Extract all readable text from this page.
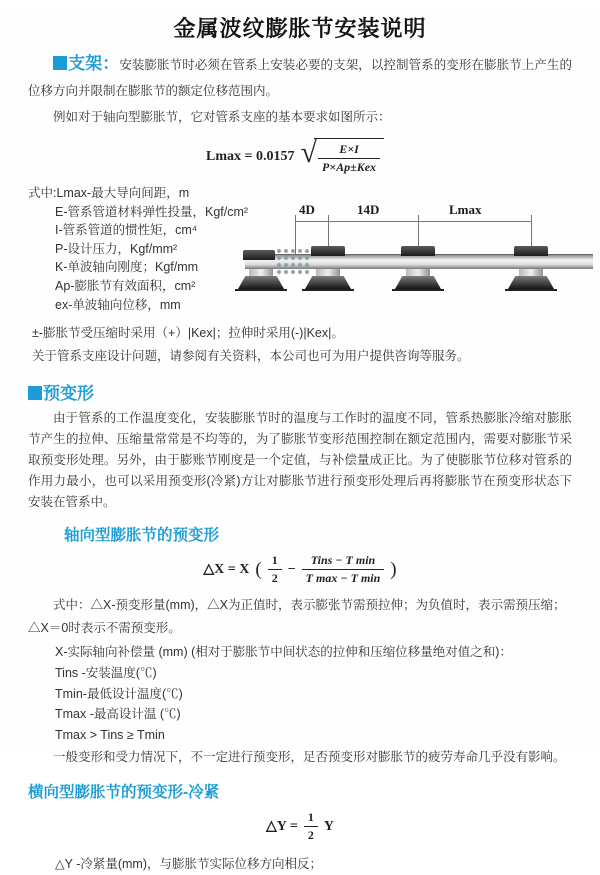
金属波纹膨胀节安装说明

支架：安装膨胀节时必须在管系上安装必要的支架，以控制管系的变形在膨胀节上产生的位移方向并限制在膨胀节的额定位移范围内。

例如对于轴向型膨胀节，它对管系支座的基本要求如图所示：

Lmax = 0.0157 √ $\frac{E\times I}{\text{P×Ap±Kex}}$
式中:Lmax-最大导向间距，m
E-管系管道材料弹性投量，Kgf/cm²
I-管系管道的惯性矩，cm⁴
P-设计压力，Kgf/mm²
K-单波轴向刚度；Kgf/mm
Ap-膨胀节有效面积，cm²
ex-单波轴向位移，mm

±-膨胀节受压缩时采用（+）|Kex|；拉伸时采用(-)|Kex|。

关于管系支座设计问题，请参阅有关资料，本公司也可为用户提供咨询等服务。

预变形

由于管系的工作温度变化，安装膨胀节时的温度与工作时的温度不同，管系热膨胀冷缩对膨胀节产生的拉伸、压缩量常常是不均等的，为了膨胀节变形范围控制在额定范围内，需要对膨胀节采取预变形处理。另外，由于膨账节刚度是一个定值，与补偿量成正比。为了使膨胀节位移对管系的作用力最小，也可以采用预变形(冷紧)方让对膨胀节进行预变形处理后再将膨胀节在预变形状态下安装在管系中。

轴向型膨胀节的预变形
△X = X ( $\frac{1}{2} - \frac{\text{Tins − T min}}{\text{T max − T min}}$ )

式中：△X-预变形量(mm)，△X为正值时，表示膨张节需预拉伸；为负值时，表示需预压缩；△X＝0时表示不需预变形。

X-实际轴向补偿量 (mm) (相对于膨胀节中间状态的拉伸和压缩位移量绝对值之和)：

Tins -安装温度(℃)
Tmin-最低设计温度(℃)
Tmax -最高设计温 (℃)
Tmax > Tins ≥ Tmin

一般变形和受力情况下，不一定进行预变形，足否预变形对膨胀节的疲劳寿命几乎没有影响。

横向型膨胀节的预变形-冷紧
△Y = $\frac{1}{2}$ Y

△Y -冷紧量(mm)，与膨胀节实际位移方向相反；

4D	14D	Lmax
